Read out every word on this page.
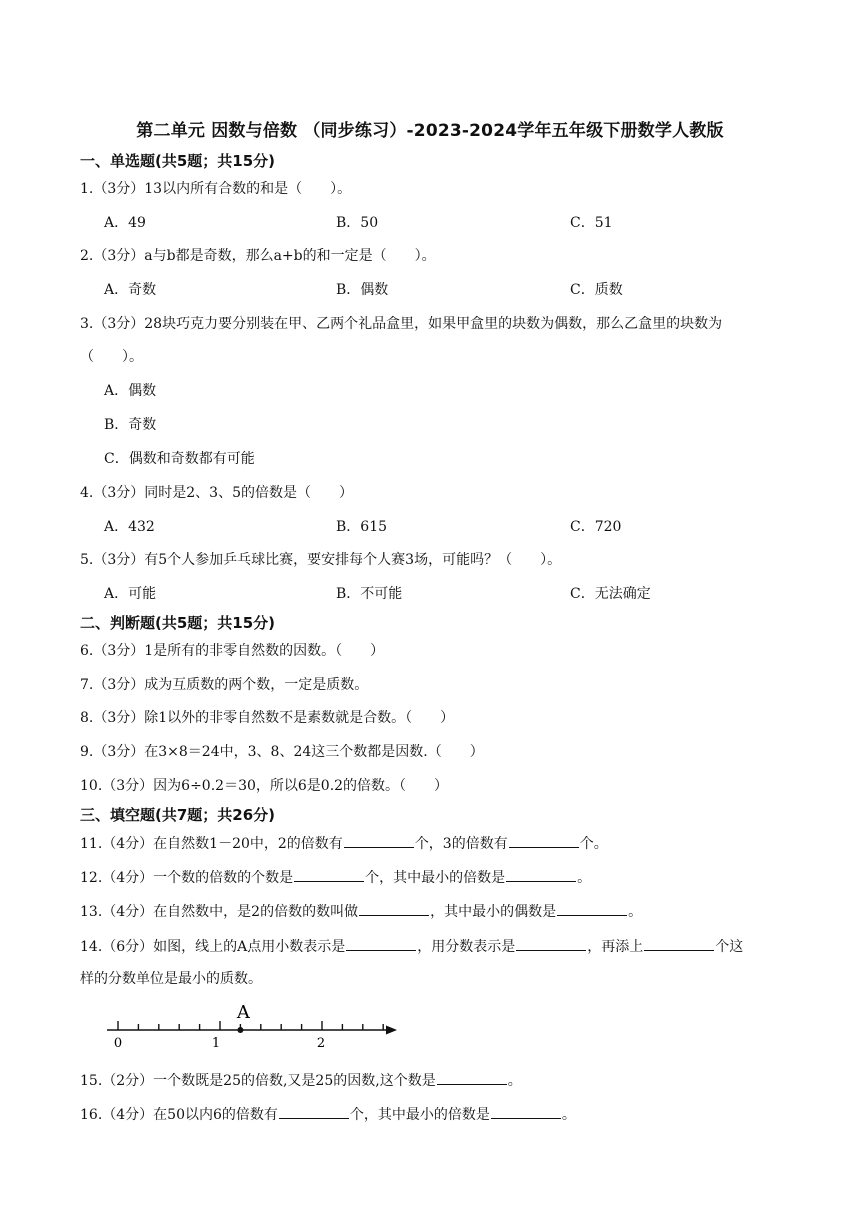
第二单元 因数与倍数 （同步练习）-2023-2024学年五年级下册数学人教版
一、单选题(共5题；共15分)
1.（3分）13以内所有合数的和是（　　）。
A．49	B．50	C．51
2.（3分）a与b都是奇数，那么a+b的和一定是（　　）。
A．奇数	B．偶数	C．质数
3.（3分）28块巧克力要分别装在甲、乙两个礼品盒里，如果甲盒里的块数为偶数，那么乙盒里的块数为
（　　）。
A．偶数
B．奇数
C．偶数和奇数都有可能
4.（3分）同时是2、3、5的倍数是（　　）
A．432	B．615	C．720
5.（3分）有5个人参加乒乓球比赛，要安排每个人赛3场，可能吗？（　　）。
A．可能	B．不可能	C．无法确定
二、判断题(共5题；共15分)
6.（3分）1是所有的非零自然数的因数。（　　）
7.（3分）成为互质数的两个数，一定是质数。
8.（3分）除1以外的非零自然数不是素数就是合数。（　　）
9.（3分）在3×8＝24中，3、8、24这三个数都是因数.（　　）
10.（3分）因为6÷0.2＝30，所以6是0.2的倍数。（　　）
三、填空题(共7题；共26分)
11.（4分）在自然数1－20中，2的倍数有	个，3的倍数有	个。
12.（4分）一个数的倍数的个数是	个，其中最小的倍数是	。
13.（4分）在自然数中，是2的倍数的数叫做	，其中最小的偶数是	。
14.（6分）如图，线上的A点用小数表示是	，用分数表示是	，再添上	个这
样的分数单位是最小的质数。
A
0	1	2
15.（2分）一个数既是25的倍数,又是25的因数,这个数是	。
16.（4分）在50以内6的倍数有	个，其中最小的倍数是	。
